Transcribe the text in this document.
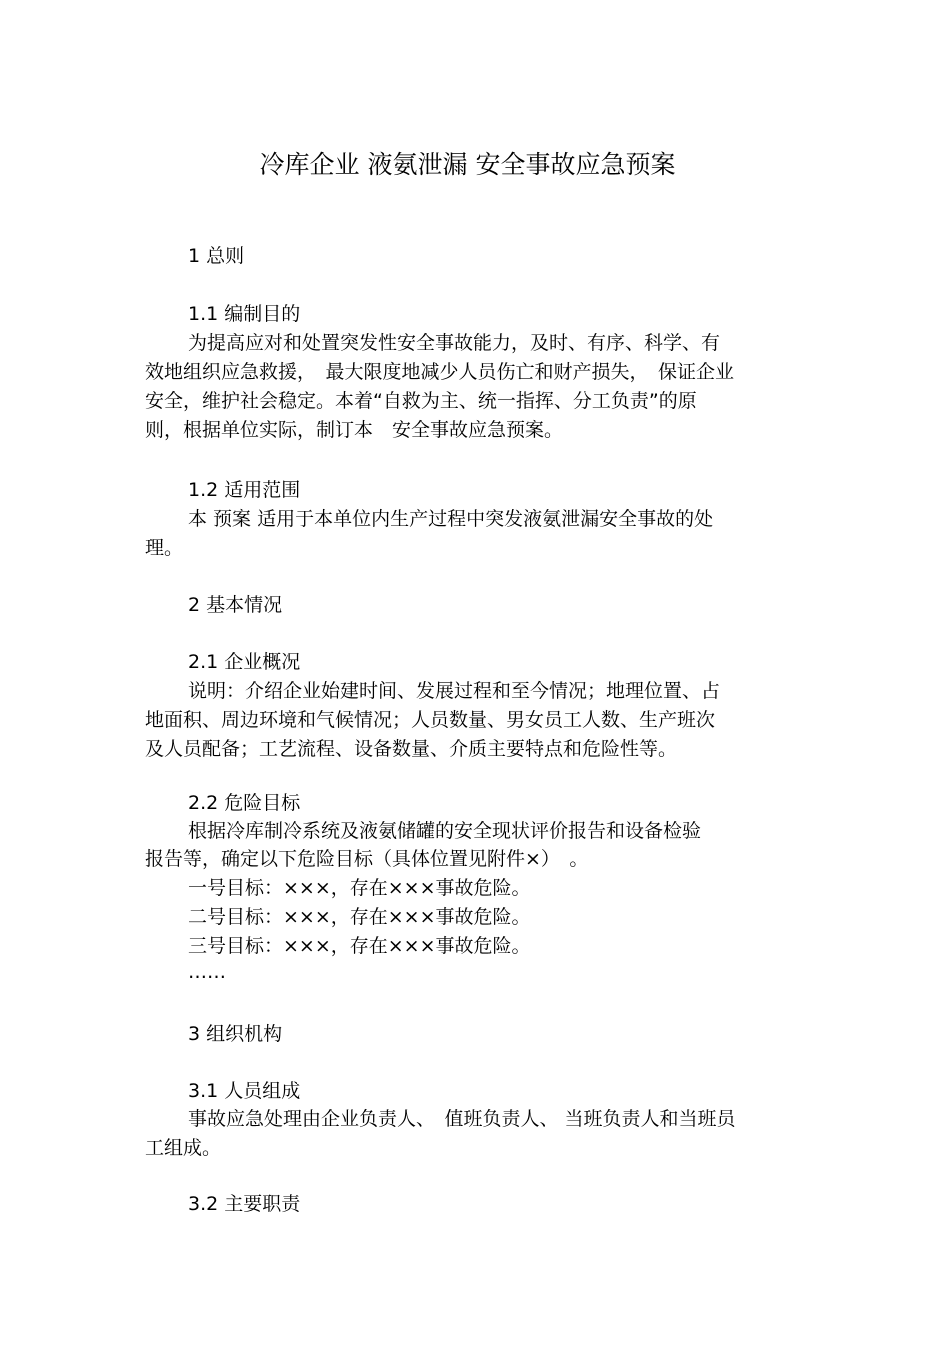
冷库企业 液氨泄漏 安全事故应急预案
1 总则
1.1 编制目的
为提高应对和处置突发性安全事故能力，及时、有序、科学、有
效地组织应急救援，　最大限度地减少人员伤亡和财产损失，　保证企业
安全，维护社会稳定。本着“自救为主、统一指挥、分工负责”的原
则，根据单位实际，制订本　安全事故应急预案。
1.2 适用范围
本 预案 适用于本单位内生产过程中突发液氨泄漏安全事故的处
理。
2 基本情况
2.1 企业概况
说明：介绍企业始建时间、发展过程和至今情况；地理位置、占
地面积、周边环境和气候情况；人员数量、男女员工人数、生产班次
及人员配备；工艺流程、设备数量、介质主要特点和危险性等。
2.2 危险目标
根据冷库制冷系统及液氨储罐的安全现状评价报告和设备检验
报告等，确定以下危险目标（具体位置见附件×）　。
一号目标：×××，存在×××事故危险。
二号目标：×××，存在×××事故危险。
三号目标：×××，存在×××事故危险。
……
3 组织机构
3.1 人员组成
事故应急处理由企业负责人、　值班负责人、 当班负责人和当班员
工组成。
3.2 主要职责
